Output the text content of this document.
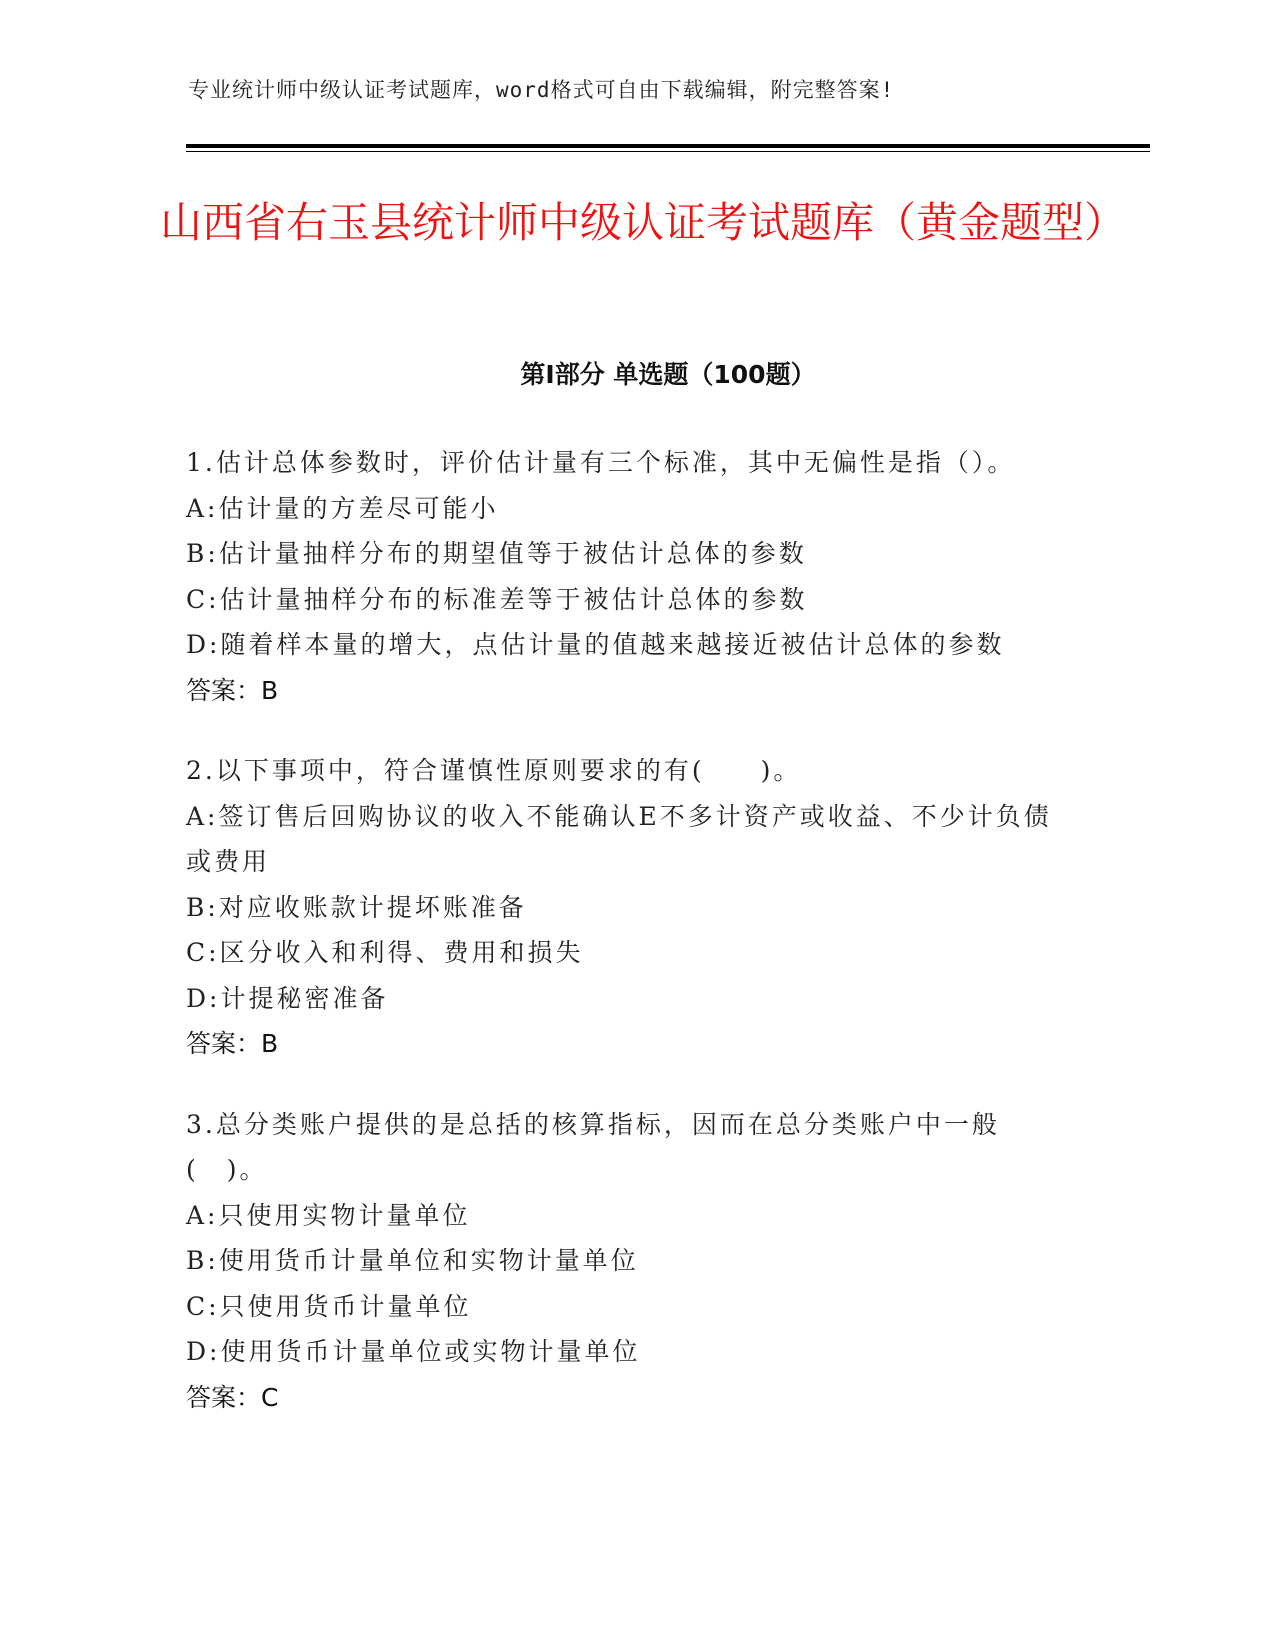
专业统计师中级认证考试题库，word格式可自由下载编辑，附完整答案!
山西省右玉县统计师中级认证考试题库（黄金题型）
第I部分 单选题（100题）

1.估计总体参数时，评价估计量有三个标准，其中无偏性是指（）。

A:估计量的方差尽可能小

B:估计量抽样分布的期望值等于被估计总体的参数

C:估计量抽样分布的标准差等于被估计总体的参数

D:随着样本量的增大，点估计量的值越来越接近被估计总体的参数

答案：B

2.以下事项中，符合谨慎性原则要求的有(　　)。

A:签订售后回购协议的收入不能确认E不多计资产或收益、不少计负债或费用

B:对应收账款计提坏账准备

C:区分收入和利得、费用和损失

D:计提秘密准备

答案：B

3.总分类账户提供的是总括的核算指标，因而在总分类账户中一般(　)。

A:只使用实物计量单位

B:使用货币计量单位和实物计量单位

C:只使用货币计量单位

D:使用货币计量单位或实物计量单位

答案：C
